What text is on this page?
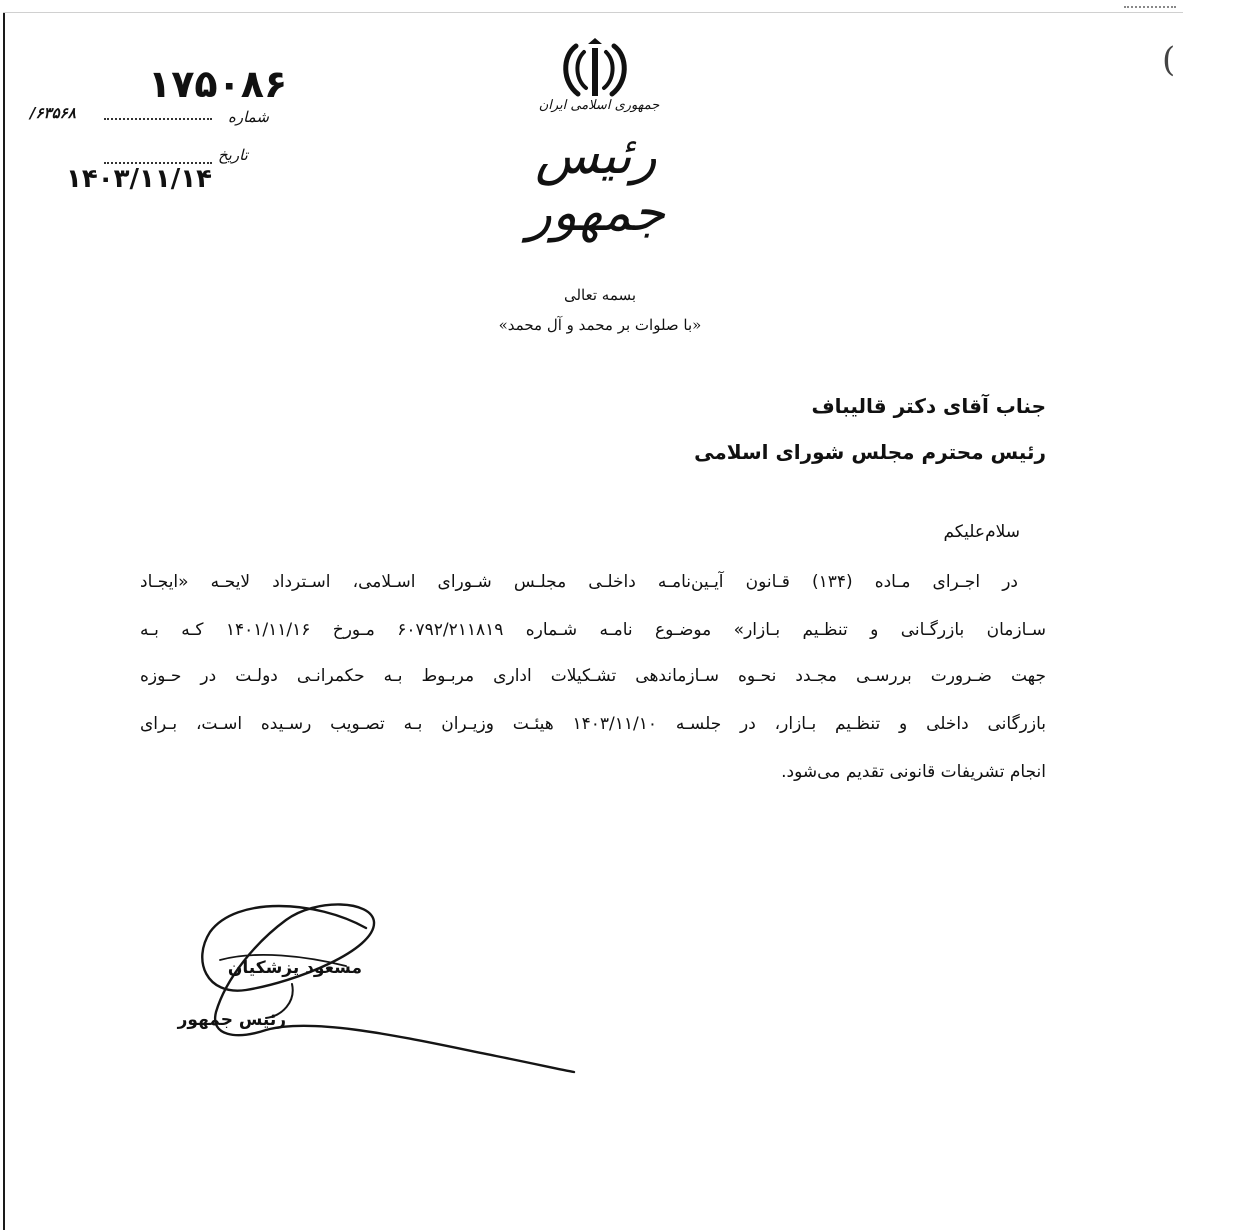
(
۱۷۵۰۸۶
۶۳۵۶۸/	شماره
تاریخ
۱۴۰۳/۱۱/۱۴
جمهوری اسلامی ایران
رئیس جمهور
بسمه تعالی
«با صلوات بر محمد و آل محمد»
جناب آقای دکتر قالیباف
رئیس محترم مجلس شورای اسلامی
سلام‌علیکم
در اجـرای مـاده (۱۳۴) قـانون آیـین‌نامـه داخلـی مجلـس شـورای اسـلامی، اسـترداد لایحـه «ایجـاد
سـازمان بازرگـانی و تنظـیم بـازار» موضـوع نامـه شـماره ۶۰۷۹۲/۲۱۱۸۱۹ مـورخ ۱۴۰۱/۱۱/۱۶ کـه بـه
جهت ضـرورت بررسـی مجـدد نحـوه سـازماندهی تشـکیلات اداری مربـوط بـه حکمرانـی دولـت در حـوزه
بازرگانی داخلی و تنظـیم بـازار، در جلسـه ۱۴۰۳/۱۱/۱۰ هیئـت وزیـران بـه تصـویب رسـیده اسـت، بـرای
انجام تشریفات قانونی تقدیم می‌شود.
مسعود پزشکیان
رئیس جمهور
